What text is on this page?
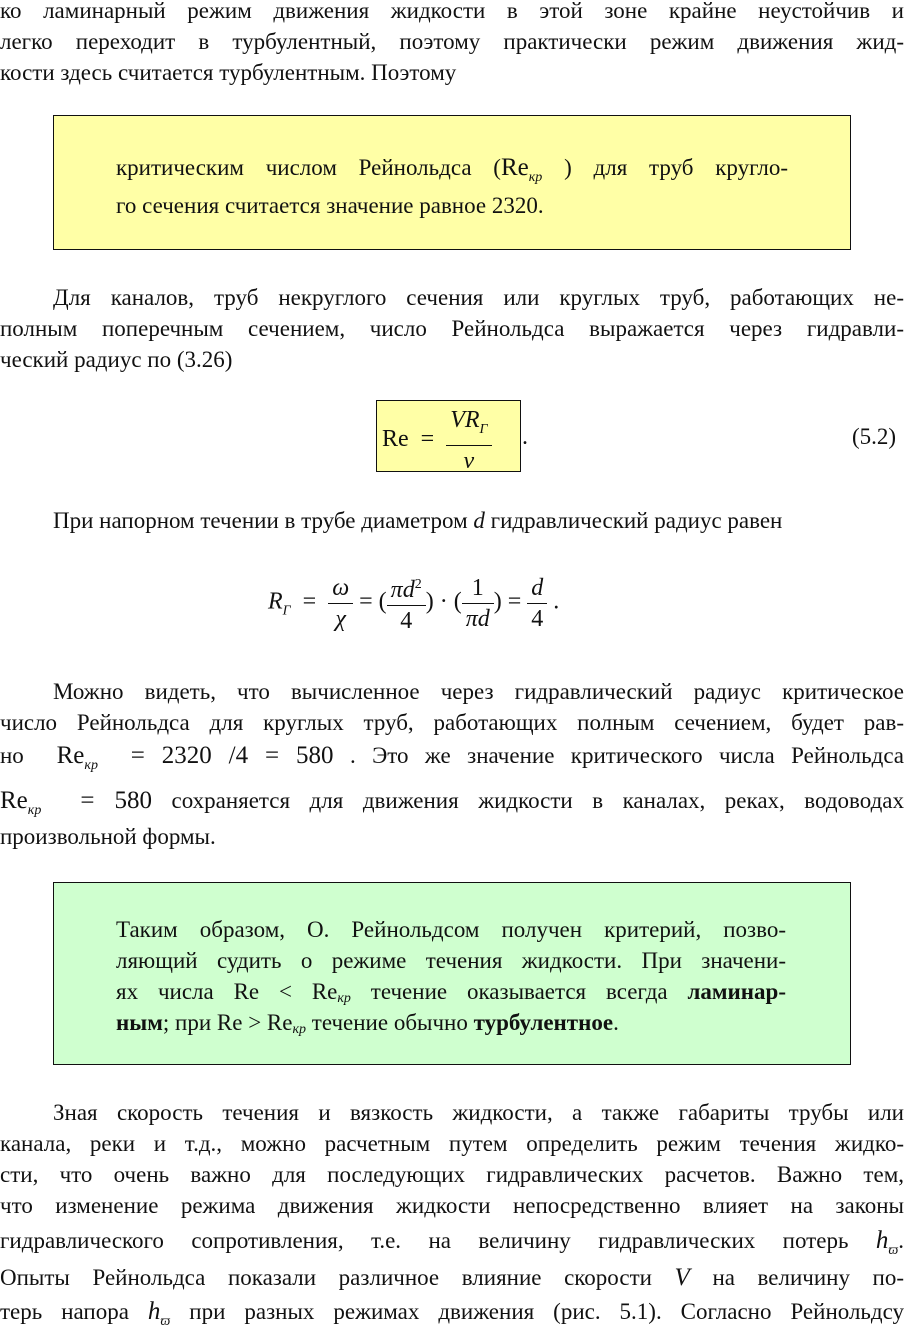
ко ламинарный режим движения жидкости в этой зоне крайне неустойчив и
легко переходит в турбулентный, поэтому практически режим движения жид-
кости здесь считается турбулентным. Поэтому
критическим числом Рейнольдса ($Re_{кр}$ ) для труб кругло-
го сечения считается значение равное 2320.
Для каналов, труб некруглого сечения или круглых труб, работающих не-
полным поперечным сечением, число Рейнольдса выражается через гидравли-
ческий радиус по (3.26)
$Re = \frac{VR_Г}{\nu}$ .	(5.2)
При напорном течении в трубе диаметром d гидравлический радиус равен
$R_Г = \frac{\omega}{\chi}$ = ( $\frac{\pi d^2}{4}$ ) · ( $\frac{1}{\pi d}$ ) = $\frac{d}{4}$ .
Можно видеть, что вычисленное через гидравлический радиус критическое
число Рейнольдса для круглых труб, работающих полным сечением, будет рав-
но $Re_{кр} = 2320$ /4 = 580 . Это же значение критического числа Рейнольдса
$Re_{кр} = 580$ сохраняется для движения жидкости в каналах, реках, водоводах
произвольной формы.
Таким образом, О. Рейнольдсом получен критерий, позво-
ляющий судить о режиме течения жидкости. При значени-
ях числа $Re < Re_{кр}$ течение оказывается всегда ламинар-
ным; при $Re > Re_{кр}$ течение обычно турбулентное.
Зная скорость течения и вязкость жидкости, а также габариты трубы или
канала, реки и т.д., можно расчетным путем определить режим течения жидко-
сти, что очень важно для последующих гидравлических расчетов. Важно тем,
что изменение режима движения жидкости непосредственно влияет на законы
гидравлического сопротивления, т.е. на величину гидравлических потерь $h_ϖ$.
Опыты Рейнольдса показали различное влияние скорости V на величину по-
терь напора $h_ϖ$ при разных режимах движения (рис. 5.1). Согласно Рейнольдсу
